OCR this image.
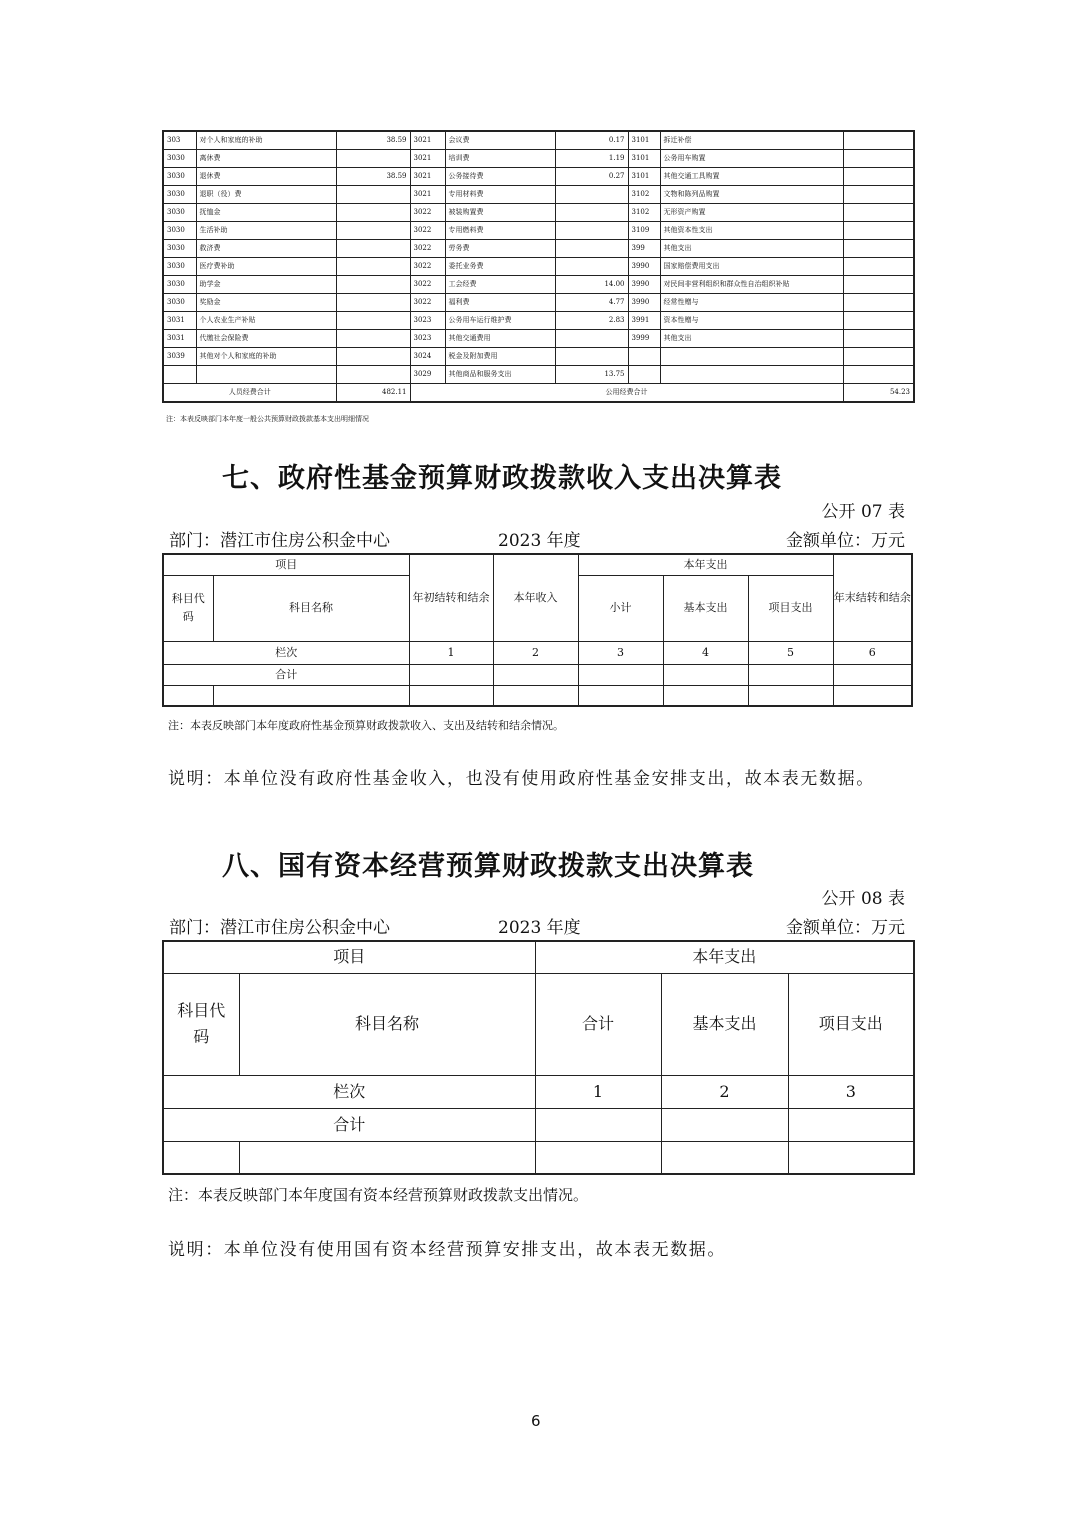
303	对个人和家庭的补助	38.59	3021	会议费	0.17	3101	拆迁补偿	
3030	离休费		3021	培训费	1.19	3101	公务用车购置	
3030	退休费	38.59	3021	公务接待费	0.27	3101	其他交通工具购置	
3030	退职（役）费		3021	专用材料费		3102	文物和陈列品购置	
3030	抚恤金		3022	被装购置费		3102	无形资产购置	
3030	生活补助		3022	专用燃料费		3109	其他资本性支出	
3030	救济费		3022	劳务费		399	其他支出	
3030	医疗费补助		3022	委托业务费		3990	国家赔偿费用支出	
3030	助学金		3022	工会经费	14.00	3990	对民间非营利组织和群众性自治组织补贴	
3030	奖励金		3022	福利费	4.77	3990	经常性赠与	
3031	个人农业生产补贴		3023	公务用车运行维护费	2.83	3991	资本性赠与	
3031	代缴社会保险费		3023	其他交通费用		3999	其他支出	
3039	其他对个人和家庭的补助		3024	税金及附加费用				
			3029	其他商品和服务支出	13.75			
人员经费合计		482.11	公用经费合计					54.23
注：本表反映部门本年度一般公共预算财政拨款基本支出明细情况
七、政府性基金预算财政拨款收入支出决算表
公开 07 表
部门：潜江市住房公积金中心	2023 年度	金额单位：万元
项目		年初结转和结余	本年收入	本年支出			年末结转和结余
科目代码	科目名称			小计	基本支出	项目支出	
栏次		1	2	3	4	5	6
合计							

注：本表反映部门本年度政府性基金预算财政拨款收入、支出及结转和结余情况。
说明：本单位没有政府性基金收入，也没有使用政府性基金安排支出，故本表无数据。
八、国有资本经营预算财政拨款支出决算表
公开 08 表
部门：潜江市住房公积金中心	2023 年度	金额单位：万元
项目		本年支出		
科目代码	科目名称	合计	基本支出	项目支出
栏次		1	2	3
合计				

注：本表反映部门本年度国有资本经营预算财政拨款支出情况。
说明：本单位没有使用国有资本经营预算安排支出，故本表无数据。
6
